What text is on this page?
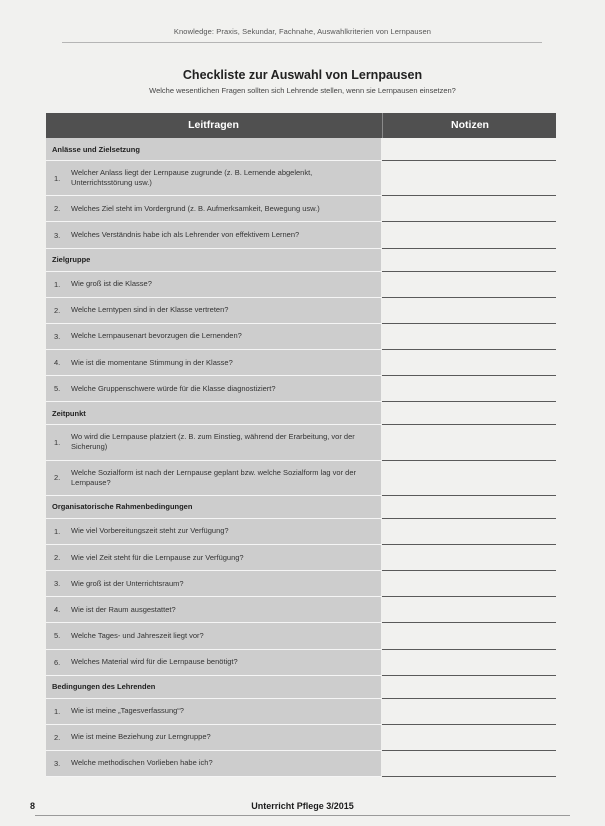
Knowledge: Praxis, Sekundar, Fachnahe, Auswahlkriterien von Lernpausen
Checkliste zur Auswahl von Lernpausen
Welche wesentlichen Fragen sollten sich Lehrende stellen, wenn sie Lernpausen einsetzen?
Leitfragen	Notizen
Anlässe und Zielsetzung
1.
Welcher Anlass liegt der Lernpause zugrunde (z. B. Lernende abgelenkt, Unterrichtsstörung usw.)
2. Welches Ziel steht im Vordergrund (z. B. Aufmerksamkeit, Bewegung usw.)
3. Welches Verständnis habe ich als Lehrender von effektivem Lernen?
Zielgruppe
1. Wie groß ist die Klasse?
2. Welche Lerntypen sind in der Klasse vertreten?
3. Welche Lernpausenart bevorzugen die Lernenden?
4. Wie ist die momentane Stimmung in der Klasse?
5. Welche Gruppenschwere würde für die Klasse diagnostiziert?
Zeitpunkt
1.
Wo wird die Lernpause platziert (z. B. zum Einstieg, während der Erarbeitung, vor der Sicherung)
2.
Welche Sozialform ist nach der Lernpause geplant bzw. welche Sozialform lag vor der Lernpause?
Organisatorische Rahmenbedingungen
1. Wie viel Vorbereitungszeit steht zur Verfügung?
2. Wie viel Zeit steht für die Lernpause zur Verfügung?
3. Wie groß ist der Unterrichtsraum?
4. Wie ist der Raum ausgestattet?
5. Welche Tages- und Jahreszeit liegt vor?
6. Welches Material wird für die Lernpause benötigt?
Bedingungen des Lehrenden
1. Wie ist meine „Tagesverfassung“?
2. Wie ist meine Beziehung zur Lerngruppe?
3. Welche methodischen Vorlieben habe ich?
8	Unterricht Pflege 3/2015
